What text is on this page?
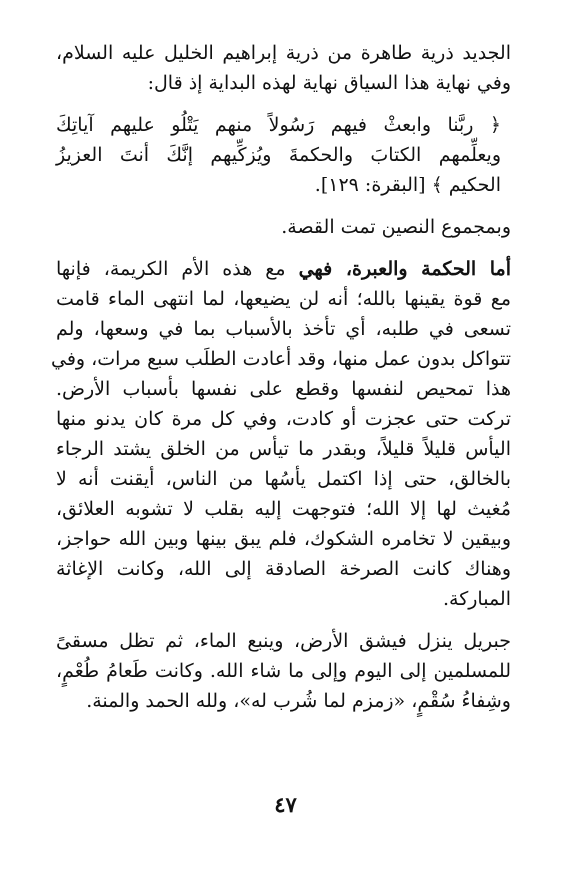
الجديد ذرية طاهرة من ذرية إبراهيم الخليل عليه السلام،
وفي نهاية هذا السياق نهاية لهذه البداية إذ قال:
﴿ ربَّنا وابعثْ فيهم رَسُولاً منهم يَتْلُو عليهم آياتِكَ
ويعلِّمهم الكتابَ والحكمةَ ويُزكِّيهم إنَّكَ أنتَ العزيزُ
الحكيم ﴾ [البقرة: ١٢٩].
وبمجموع النصين تمت القصة.
أما الحكمة والعبرة، فهي مع هذه الأم الكريمة، فإنها
مع قوة يقينها بالله؛ أنه لن يضيعها، لما انتهى الماء قامت
تسعى في طلبه، أي تأخذ بالأسباب بما في وسعها، ولم
تتواكل بدون عمل منها، وقد أعادت الطلَب سبع مرات، وفي
هذا تمحيص لنفسها وقطع على نفسها بأسباب الأرض.
تركت حتى عجزت أو كادت، وفي كل مرة كان يدنو منها
اليأس قليلاً قليلاً، وبقدر ما تيأس من الخلق يشتد الرجاء
بالخالق، حتى إذا اكتمل يأسُها من الناس، أيقنت أنه لا
مُغيث لها إلا الله؛ فتوجهت إليه بقلب لا تشوبه العلائق،
وبيقين لا تخامره الشكوك، فلم يبق بينها وبين الله حواجز،
وهناك كانت الصرخة الصادقة إلى الله، وكانت الإغاثة
المباركة.
جبريل ينزل فيشق الأرض، وينبع الماء، ثم تظل مسقىً
للمسلمين إلى اليوم وإلى ما شاء الله. وكانت طَعامُ طُعْمٍ،
وشِفاءُ سُقْمٍ، «زمزم لما شُرب له»، ولله الحمد والمنة.
٤٧
